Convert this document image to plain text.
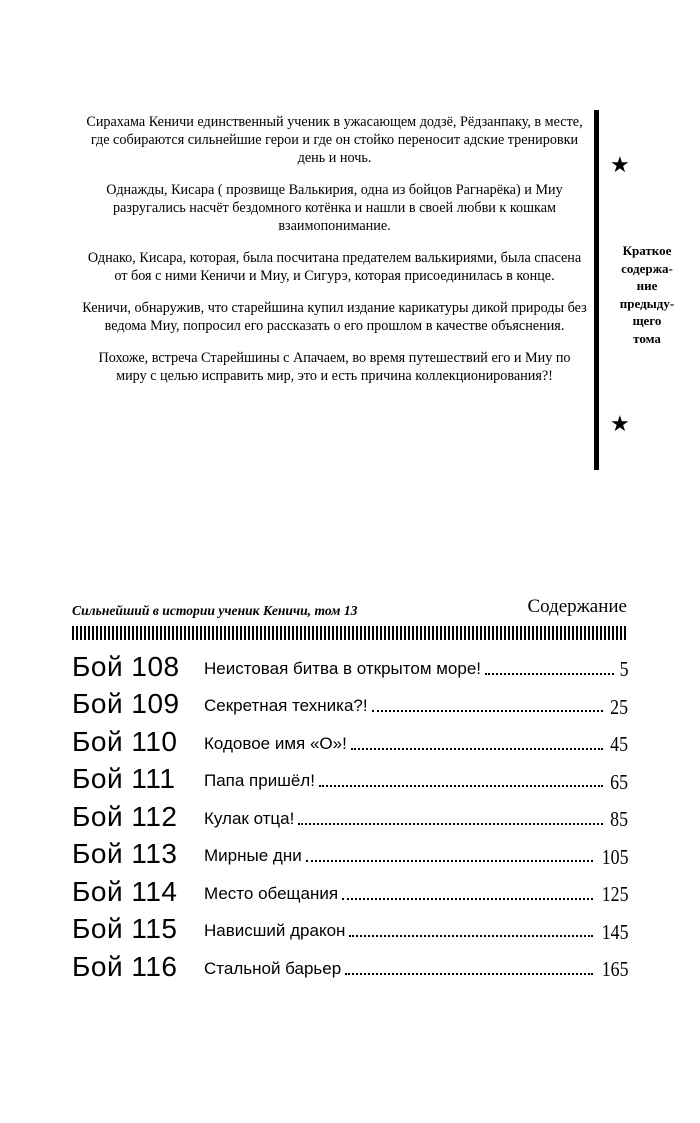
Сирахама Кеничи единственный ученик в ужасающем додзё, Рёдзанпаку, в месте, где собираются сильнейшие герои и где он стойко переносит адские тренировки день и ночь.

Однажды, Кисара ( прозвище Валькирия, одна из бойцов Рагнарёка) и Миу разругались насчёт бездомного котёнка и нашли в своей любви к кошкам взаимопонимание.

Однако, Кисара, которая, была посчитана предателем валькириями, была спасена от боя с ними Кеничи и Миу, и Сигурэ, которая присоединилась в конце.

Кеничи, обнаружив, что старейшина купил издание карикатуры дикой природы без ведома Миу, попросил его рассказать о его прошлом в качестве объяснения.

Похоже, встреча Старейшины с Апачаем, во время путешествий его и Миу по миру с целью исправить мир, это и есть причина коллекционирования?!

★
★
Краткое
содержа-
ние
предыду-
щего
тома
Сильнейший в истории ученик Кеничи, том 13	Содержание
Бой 108	Неистовая битва в открытом море!	5
Бой 109	Секретная техника?!	25
Бой 110	Кодовое имя «О»!	45
Бой 111	Папа пришёл!	65
Бой 112	Кулак отца!	85
Бой 113	Мирные дни	105
Бой 114	Место обещания	125
Бой 115	Нависший дракон	145
Бой 116	Стальной барьер	165
